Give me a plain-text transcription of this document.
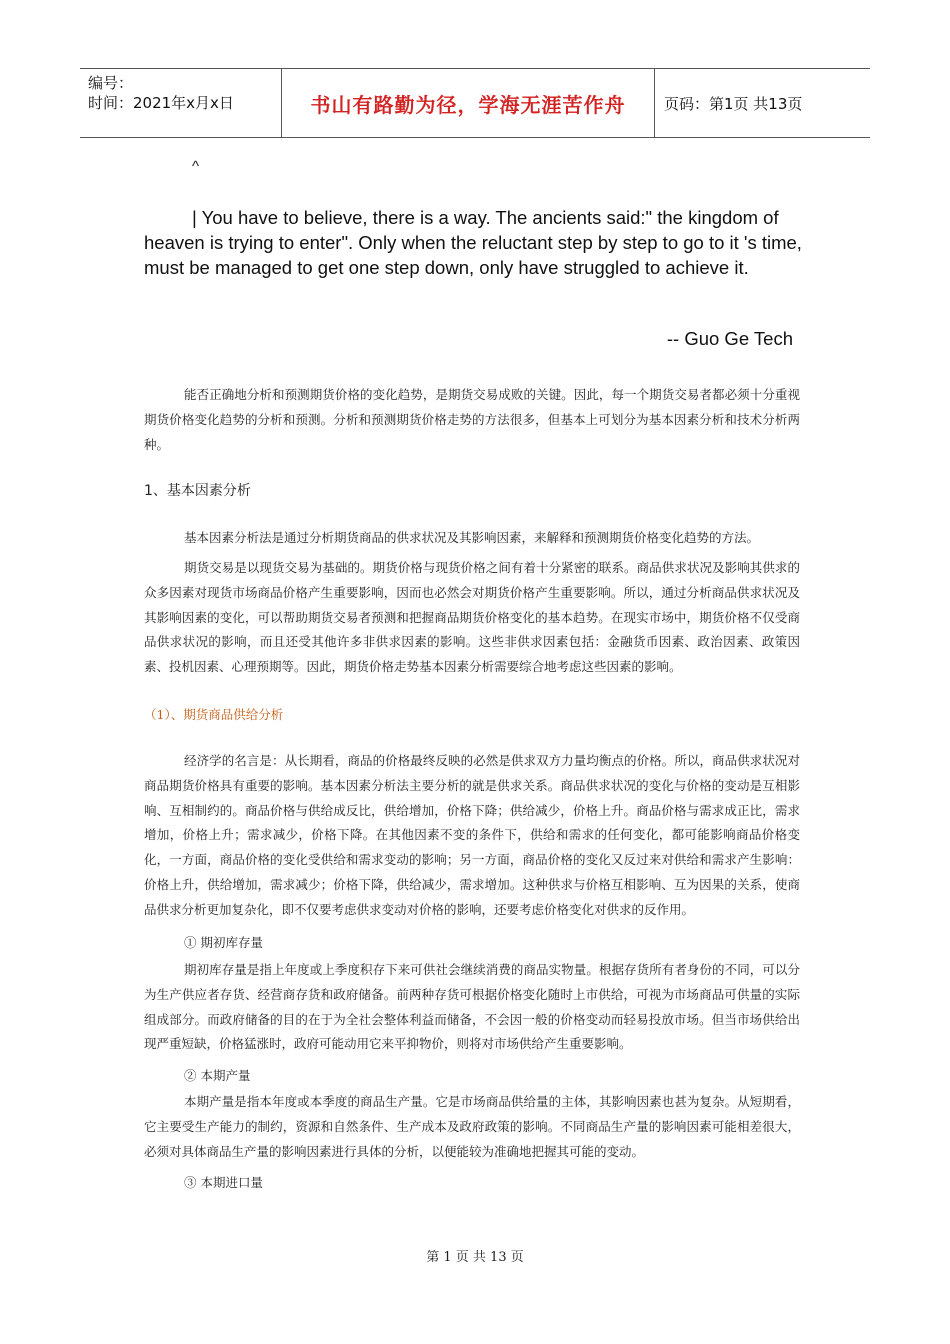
编号：
时间：2021年x月x日	书山有路勤为径，学海无涯苦作舟	页码：第1页 共13页
^

| You have to believe, there is a way. The ancients said:" the kingdom of heaven is trying to enter". Only when the reluctant step by step to go to it 's time, must be managed to get one step down, only have struggled to achieve it.

-- Guo Ge Tech

能否正确地分析和预测期货价格的变化趋势，是期货交易成败的关键。因此，每一个期货交易者都必须十分重视期货价格变化趋势的分析和预测。分析和预测期货价格走势的方法很多，但基本上可划分为基本因素分析和技术分析两种。

1、基本因素分析

基本因素分析法是通过分析期货商品的供求状况及其影响因素，来解释和预测期货价格变化趋势的方法。

期货交易是以现货交易为基础的。期货价格与现货价格之间有着十分紧密的联系。商品供求状况及影响其供求的众多因素对现货市场商品价格产生重要影响，因而也必然会对期货价格产生重要影响。所以，通过分析商品供求状况及其影响因素的变化，可以帮助期货交易者预测和把握商品期货价格变化的基本趋势。在现实市场中，期货价格不仅受商品供求状况的影响，而且还受其他许多非供求因素的影响。这些非供求因素包括：金融货币因素、政治因素、政策因素、投机因素、心理预期等。因此，期货价格走势基本因素分析需要综合地考虑这些因素的影响。

（1）、期货商品供给分析

经济学的名言是：从长期看，商品的价格最终反映的必然是供求双方力量均衡点的价格。所以，商品供求状况对商品期货价格具有重要的影响。基本因素分析法主要分析的就是供求关系。商品供求状况的变化与价格的变动是互相影响、互相制约的。商品价格与供给成反比，供给增加，价格下降；供给减少，价格上升。商品价格与需求成正比，需求增加，价格上升；需求减少，价格下降。在其他因素不变的条件下，供给和需求的任何变化，都可能影响商品价格变化，一方面，商品价格的变化受供给和需求变动的影响；另一方面，商品价格的变化又反过来对供给和需求产生影响：价格上升，供给增加，需求减少；价格下降，供给减少，需求增加。这种供求与价格互相影响、互为因果的关系，使商品供求分析更加复杂化，即不仅要考虑供求变动对价格的影响，还要考虑价格变化对供求的反作用。

① 期初库存量

期初库存量是指上年度或上季度积存下来可供社会继续消费的商品实物量。根据存货所有者身份的不同，可以分为生产供应者存货、经营商存货和政府储备。前两种存货可根据价格变化随时上市供给，可视为市场商品可供量的实际组成部分。而政府储备的目的在于为全社会整体利益而储备，不会因一般的价格变动而轻易投放市场。但当市场供给出现严重短缺，价格猛涨时，政府可能动用它来平抑物价，则将对市场供给产生重要影响。

② 本期产量

本期产量是指本年度或本季度的商品生产量。它是市场商品供给量的主体，其影响因素也甚为复杂。从短期看，它主要受生产能力的制约，资源和自然条件、生产成本及政府政策的影响。不同商品生产量的影响因素可能相差很大，必须对具体商品生产量的影响因素进行具体的分析，以便能较为准确地把握其可能的变动。

③ 本期进口量
第 1 页 共 13 页
